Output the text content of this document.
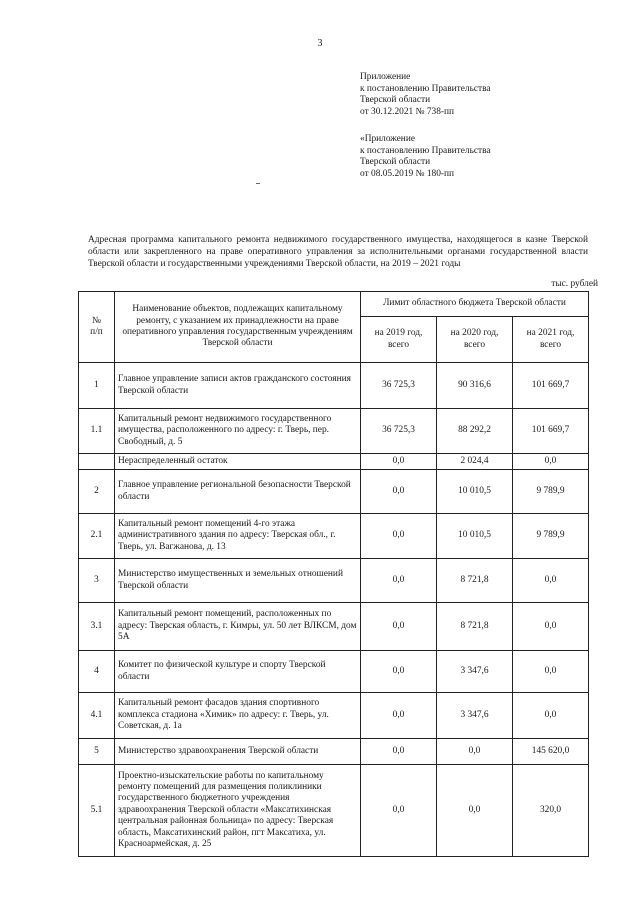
3
Приложение
к постановлению Правительства
Тверской области
от 30.12.2021 № 738-пп
«Приложение
к постановлению Правительства
Тверской области
от 08.05.2019 № 180-пп
Адресная программа капитального ремонта недвижимого государственного имущества, находящегося в казне Тверской области или закрепленного на праве оперативного управления за исполнительными органами государственной власти Тверской области и государственными учреждениями Тверской области, на 2019 – 2021 годы
тыс. рублей
№
п/п	Наименование объектов, подлежащих капитальному ремонту, с указанием их принадлежности на праве оперативного управления государственным учреждениям Тверской области	Лимит областного бюджета Тверской области		
		на 2019 год, всего	на 2020 год, всего	на 2021 год, всего
1	Главное управление записи актов гражданского состояния Тверской области	36 725,3	90 316,6	101 669,7
1.1	Капитальный ремонт недвижимого государственного имущества, расположенного по адресу: г. Тверь, пер. Свободный, д. 5	36 725,3	88 292,2	101 669,7
	Нераспределенный остаток	0,0	2 024,4	0,0
2	Главное управление региональной безопасности Тверской области	0,0	10 010,5	9 789,9
2.1	Капитальный ремонт помещений 4-го этажа административного здания по адресу: Тверская обл., г. Тверь, ул. Вагжанова, д. 13	0,0	10 010,5	9 789,9
3	Министерство имущественных и земельных отношений Тверской области	0,0	8 721,8	0,0
3.1	Капитальный ремонт помещений, расположенных по адресу: Тверская область, г. Кимры, ул. 50 лет ВЛКСМ, дом 5А	0,0	8 721,8	0,0
4	Комитет по физической культуре и спорту Тверской области	0,0	3 347,6	0,0
4.1	Капитальный ремонт фасадов здания спортивного комплекса стадиона «Химик» по адресу: г. Тверь, ул. Советская, д. 1а	0,0	3 347,6	0,0
5	Министерство здравоохранения Тверской области	0,0	0,0	145 620,0
5.1	Проектно-изыскательские работы по капитальному ремонту помещений для размещения поликлиники государственного бюджетного учреждения здравоохранения Тверской области «Максатихинская центральная районная больница» по адресу: Тверская область, Максатихинский район, пгт Максатиха, ул. Красноармейская, д. 25	0,0	0,0	320,0
